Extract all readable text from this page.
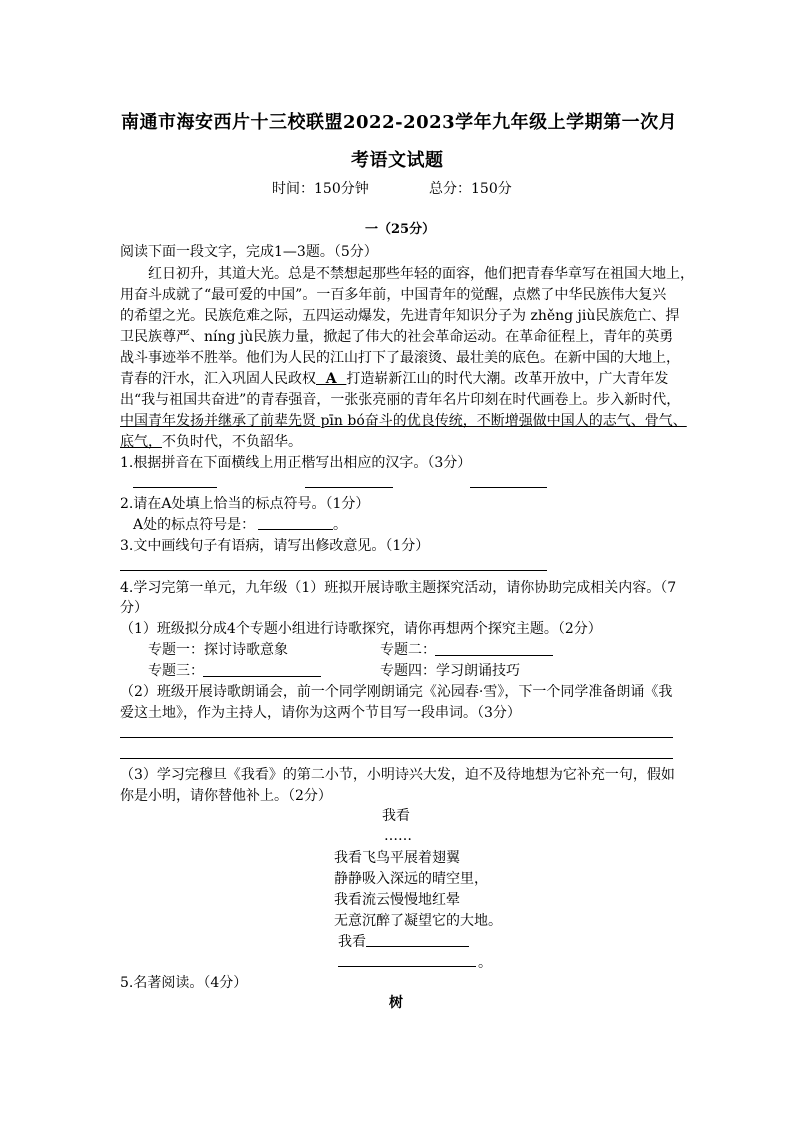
南通市海安西片十三校联盟2022-2023学年九年级上学期第一次月
考语文试题
时间：150分钟	总分：150分
一（25分）
阅读下面一段文字，完成1—3题。（5分）
红日初升，其道大光。总是不禁想起那些年轻的面容，他们把青春华章写在祖国大地上，
用奋斗成就了“最可爱的中国”。一百多年前，中国青年的觉醒，点燃了中华民族伟大复兴
的希望之光。民族危难之际，五四运动爆发，先进青年知识分子为 zhěng jiù民族危亡、捍
卫民族尊严、níng jù民族力量，掀起了伟大的社会革命运动。在革命征程上，青年的英勇
战斗事迹举不胜举。他们为人民的江山打下了最滚烫、最壮美的底色。在新中国的大地上，
青春的汗水，汇入巩固人民政权  A  打造崭新江山的时代大潮。改革开放中，广大青年发
出“我与祖国共奋进”的青春强音，一张张亮丽的青年名片印刻在时代画卷上。步入新时代，
中国青年发扬并继承了前辈先贤 pīn bó奋斗的优良传统，不断增强做中国人的志气、骨气、
底气，不负时代，不负韶华。
1.根据拼音在下面横线上用正楷写出相应的汉字。（3分）
2.请在A处填上恰当的标点符号。（1分）
A处的标点符号是：	。
3.文中画线句子有语病，请写出修改意见。（1分）
4.学习完第一单元，九年级（1）班拟开展诗歌主题探究活动，请你协助完成相关内容。（7
分）
（1）班级拟分成4个专题小组进行诗歌探究，请你再想两个探究主题。（2分）
专题一：探讨诗歌意象	专题二：
专题三：	专题四：学习朗诵技巧
（2）班级开展诗歌朗诵会，前一个同学刚朗诵完《沁园春·雪》，下一个同学准备朗诵《我
爱这土地》，作为主持人，请你为这两个节目写一段串词。（3分）
（3）学习完穆旦《我看》的第二小节，小明诗兴大发，迫不及待地想为它补充一句，假如
你是小明，请你替他补上。（2分）
我看
……
我看飞鸟平展着翅翼
静静吸入深远的晴空里，
我看流云慢慢地红晕
无意沉醉了凝望它的大地。
我看
。
5.名著阅读。（4分）
树
